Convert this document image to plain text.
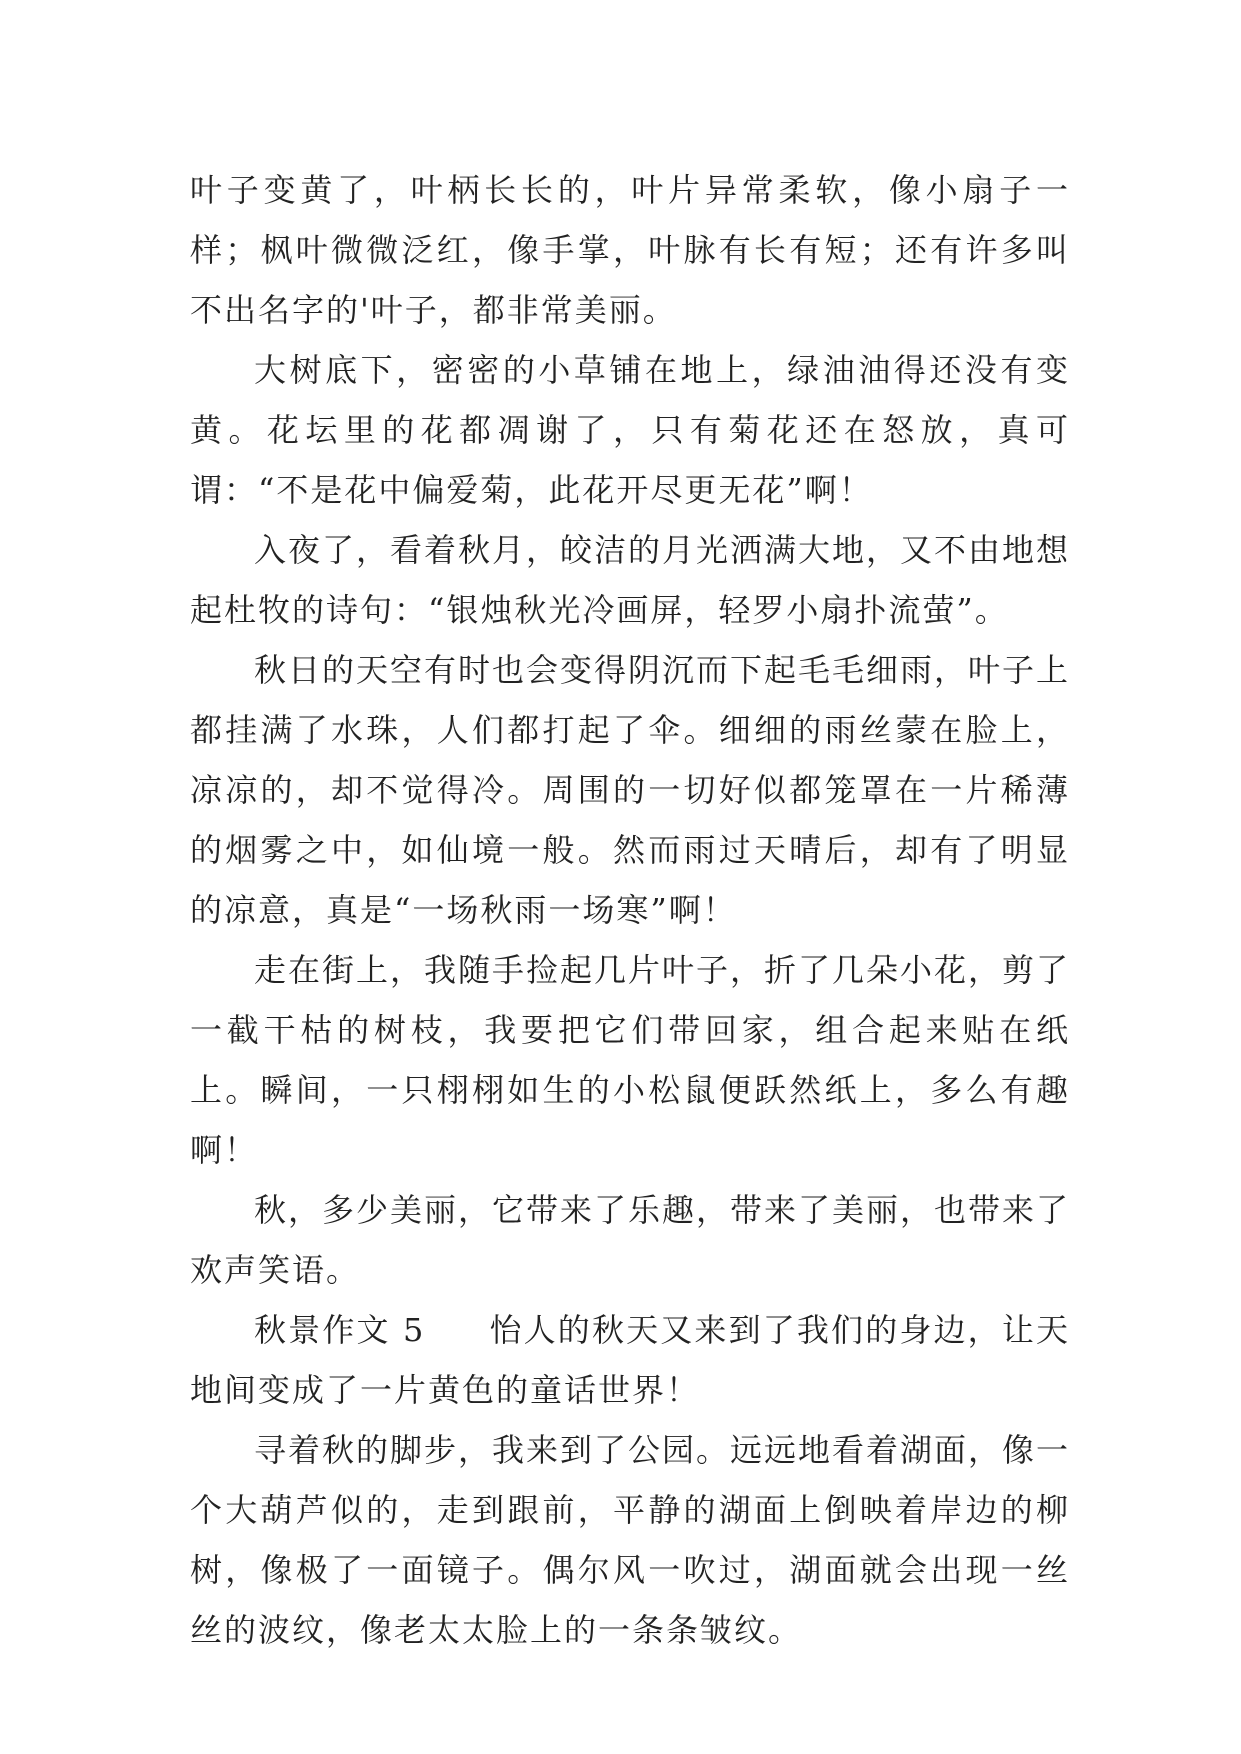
叶子变黄了，叶柄长长的，叶片异常柔软，像小扇子一样；枫叶微微泛红，像手掌，叶脉有长有短；还有许多叫不出名字的'叶子，都非常美丽。

大树底下，密密的小草铺在地上，绿油油得还没有变黄。花坛里的花都凋谢了，只有菊花还在怒放，真可谓：“不是花中偏爱菊，此花开尽更无花”啊！

入夜了，看着秋月，皎洁的月光洒满大地，又不由地想起杜牧的诗句：“银烛秋光冷画屏，轻罗小扇扑流萤”。

秋日的天空有时也会变得阴沉而下起毛毛细雨，叶子上都挂满了水珠，人们都打起了伞。细细的雨丝蒙在脸上，凉凉的，却不觉得冷。周围的一切好似都笼罩在一片稀薄的烟雾之中，如仙境一般。然而雨过天晴后，却有了明显的凉意，真是“一场秋雨一场寒”啊！

走在街上，我随手捡起几片叶子，折了几朵小花，剪了一截干枯的树枝，我要把它们带回家，组合起来贴在纸上。瞬间，一只栩栩如生的小松鼠便跃然纸上，多么有趣啊！

秋，多少美丽，它带来了乐趣，带来了美丽，也带来了欢声笑语。

秋景作文 5 怡人的秋天又来到了我们的身边，让天地间变成了一片黄色的童话世界！

寻着秋的脚步，我来到了公园。远远地看着湖面，像一个大葫芦似的，走到跟前，平静的湖面上倒映着岸边的柳树，像极了一面镜子。偶尔风一吹过，湖面就会出现一丝丝的波纹，像老太太脸上的一条条皱纹。
